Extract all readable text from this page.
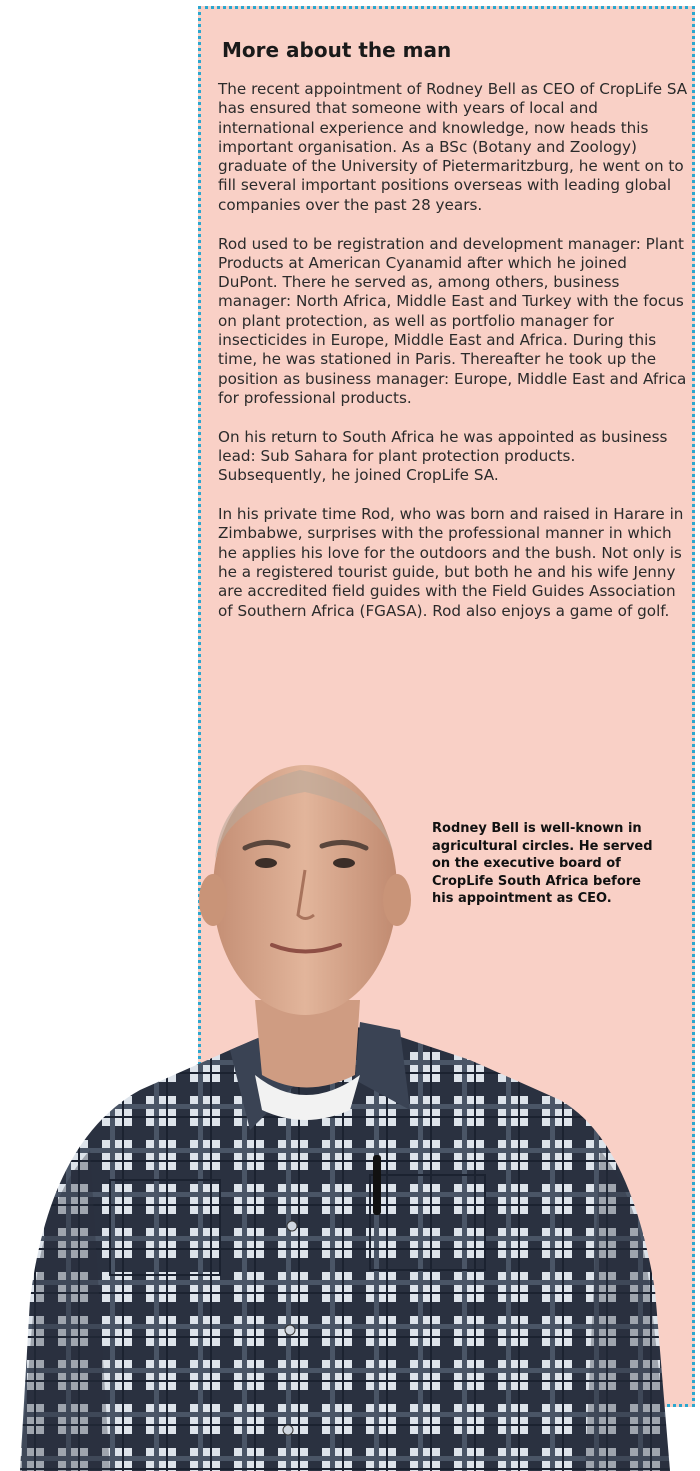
More about the man

The recent appointment of Rodney Bell as CEO of CropLife SA has ensured that someone with years of local and international experience and knowledge, now heads this important organisation. As a BSc (Botany and Zoology) graduate of the University of Pietermaritzburg, he went on to fill several important positions overseas with leading global companies over the past 28 years.

Rod used to be registration and development manager: Plant Products at American Cyanamid after which he joined DuPont. There he served as, among others, business manager: North Africa, Middle East and Turkey with the focus on plant protection, as well as portfolio manager for insecticides in Europe, Middle East and Africa. During this time, he was stationed in Paris. Thereafter he took up the position as business manager: Europe, Middle East and Africa for professional products.

On his return to South Africa he was appointed as business lead: Sub Sahara for plant protection products. Subsequently, he joined CropLife SA.

In his private time Rod, who was born and raised in Harare in Zimbabwe, surprises with the professional manner in which he applies his love for the outdoors and the bush. Not only is he a registered tourist guide, but both he and his wife Jenny are accredited field guides with the Field Guides Association of Southern Africa (FGASA). Rod also enjoys a game of golf.

Rodney Bell is well-known in agricultural circles. He served on the executive board of CropLife South Africa before his appointment as CEO.
